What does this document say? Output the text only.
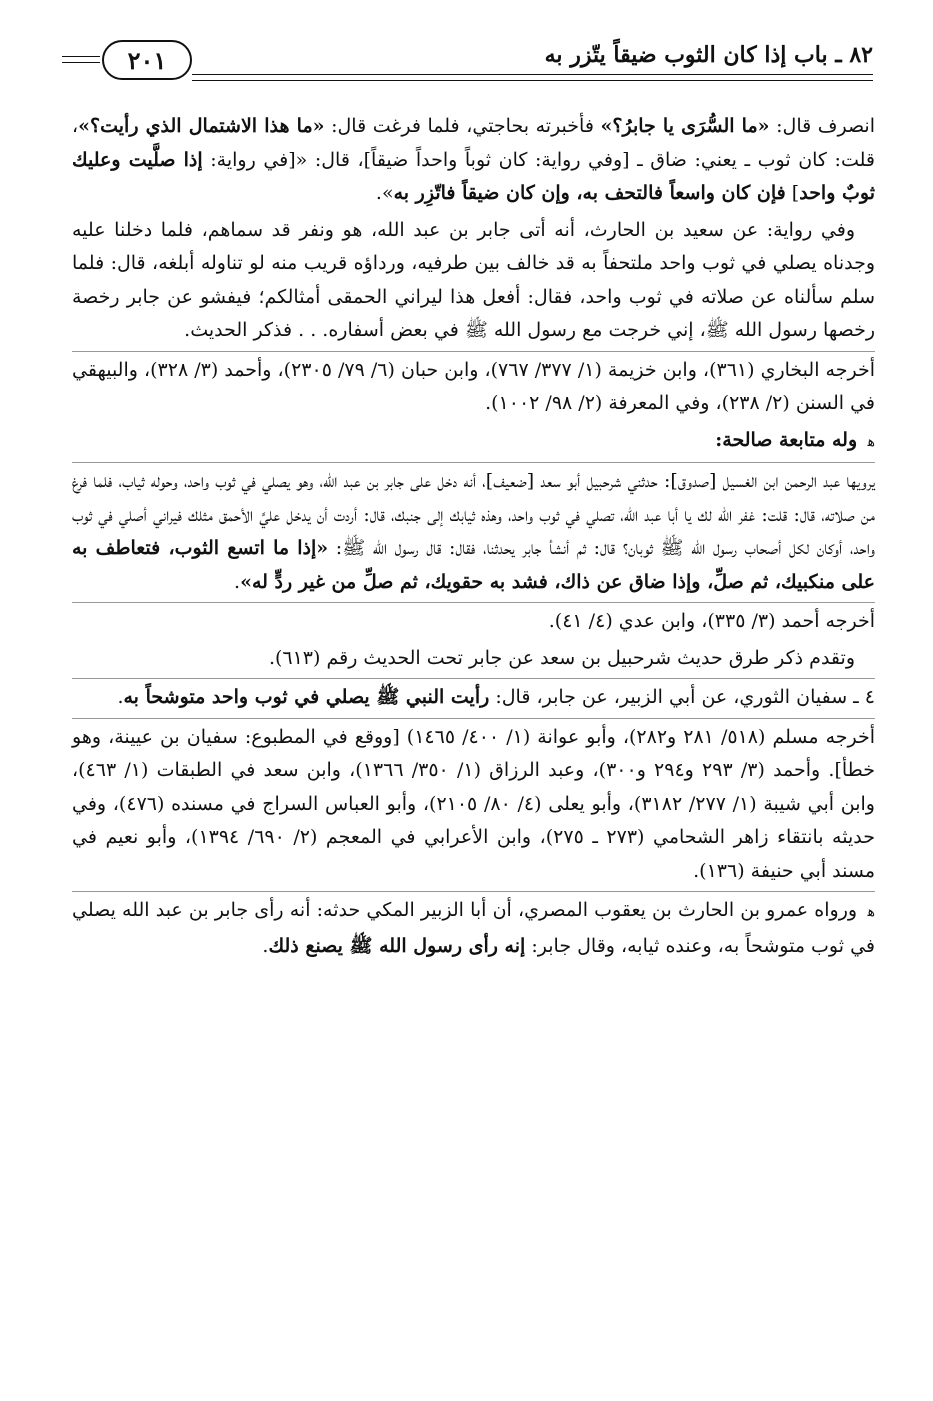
٨٢ ـ باب إذا كان الثوب ضيقاً يتّزر به
٢٠١

انصرف قال: «ما السُّرَى يا جابرُ؟» فأخبرته بحاجتي، فلما فرغت قال: «ما هذا الاشتمال الذي رأيت؟»، قلت: كان ثوب ـ يعني: ضاق ـ [وفي رواية: كان ثوباً واحداً ضيقاً]، قال: «[في رواية: إذا صلَّيت وعليك ثوبٌ واحد] فإن كان واسعاً فالتحف به، وإن كان ضيقاً فاتّزِر به».

وفي رواية: عن سعيد بن الحارث، أنه أتى جابر بن عبد الله، هو ونفر قد سماهم، فلما دخلنا عليه وجدناه يصلي في ثوب واحد ملتحفاً به قد خالف بين طرفيه، ورداؤه قريب منه لو تناوله أبلغه، قال: فلما سلم سألناه عن صلاته في ثوب واحد، فقال: أفعل هذا ليراني الحمقى أمثالكم؛ فيفشو عن جابر رخصة رخصها رسول الله ﷺ، إني خرجت مع رسول الله ﷺ في بعض أسفاره. . . فذكر الحديث.

أخرجه البخاري (٣٦١)، وابن خزيمة (١/ ٣٧٧/ ٧٦٧)، وابن حبان (٦/ ٧٩/ ٢٣٠٥)، وأحمد (٣/ ٣٢٨)، والبيهقي في السنن (٢/ ٢٣٨)، وفي المعرفة (٢/ ٩٨/ ١٠٠٢).

ﻫ وله متابعة صالحة:

يرويها عبد الرحمن ابن الغسيل [صدوق]: حدثني شرحبيل أبو سعد [ضعيف]، أنه دخل على جابر بن عبد الله، وهو يصلي في ثوب واحد، وحوله ثياب، فلما فرغ من صلاته، قال: قلت: غفر الله لك يا أبا عبد الله، تصلي في ثوب واحد، وهذه ثيابك إلى جنبك، قال: أردت أن يدخل عليَّ الأحمق مثلك فيراني أصلي في ثوب واحد، أوكان لكل أصحاب رسول الله ﷺ ثوبان؟ قال: ثم أنشأ جابر يحدثنا، فقال: قال رسول الله ﷺ: «إذا ما اتسع الثوب، فتعاطف به على منكبيك، ثم صلِّ، وإذا ضاق عن ذاك، فشد به حقويك، ثم صلِّ من غير ردٍّ له».

أخرجه أحمد (٣/ ٣٣٥)، وابن عدي (٤/ ٤١).

وتقدم ذكر طرق حديث شرحبيل بن سعد عن جابر تحت الحديث رقم (٦١٣).

٤ ـ سفيان الثوري، عن أبي الزبير، عن جابر، قال: رأيت النبي ﷺ يصلي في ثوب واحد متوشحاً به.

أخرجه مسلم (٥١٨/ ٢٨١ و٢٨٢)، وأبو عوانة (١/ ٤٠٠/ ١٤٦٥) [ووقع في المطبوع: سفيان بن عيينة، وهو خطأ]. وأحمد (٣/ ٢٩٣ و٢٩٤ و٣٠٠)، وعبد الرزاق (١/ ٣٥٠/ ١٣٦٦)، وابن سعد في الطبقات (١/ ٤٦٣)، وابن أبي شيبة (١/ ٢٧٧/ ٣١٨٢)، وأبو يعلى (٤/ ٨٠/ ٢١٠٥)، وأبو العباس السراج في مسنده (٤٧٦)، وفي حديثه بانتقاء زاهر الشحامي (٢٧٣ ـ ٢٧٥)، وابن الأعرابي في المعجم (٢/ ٦٩٠/ ١٣٩٤)، وأبو نعيم في مسند أبي حنيفة (١٣٦).

ﻫ ورواه عمرو بن الحارث بن يعقوب المصري، أن أبا الزبير المكي حدثه: أنه رأى جابر بن عبد الله يصلي في ثوب متوشحاً به، وعنده ثيابه، وقال جابر: إنه رأى رسول الله ﷺ يصنع ذلك.
